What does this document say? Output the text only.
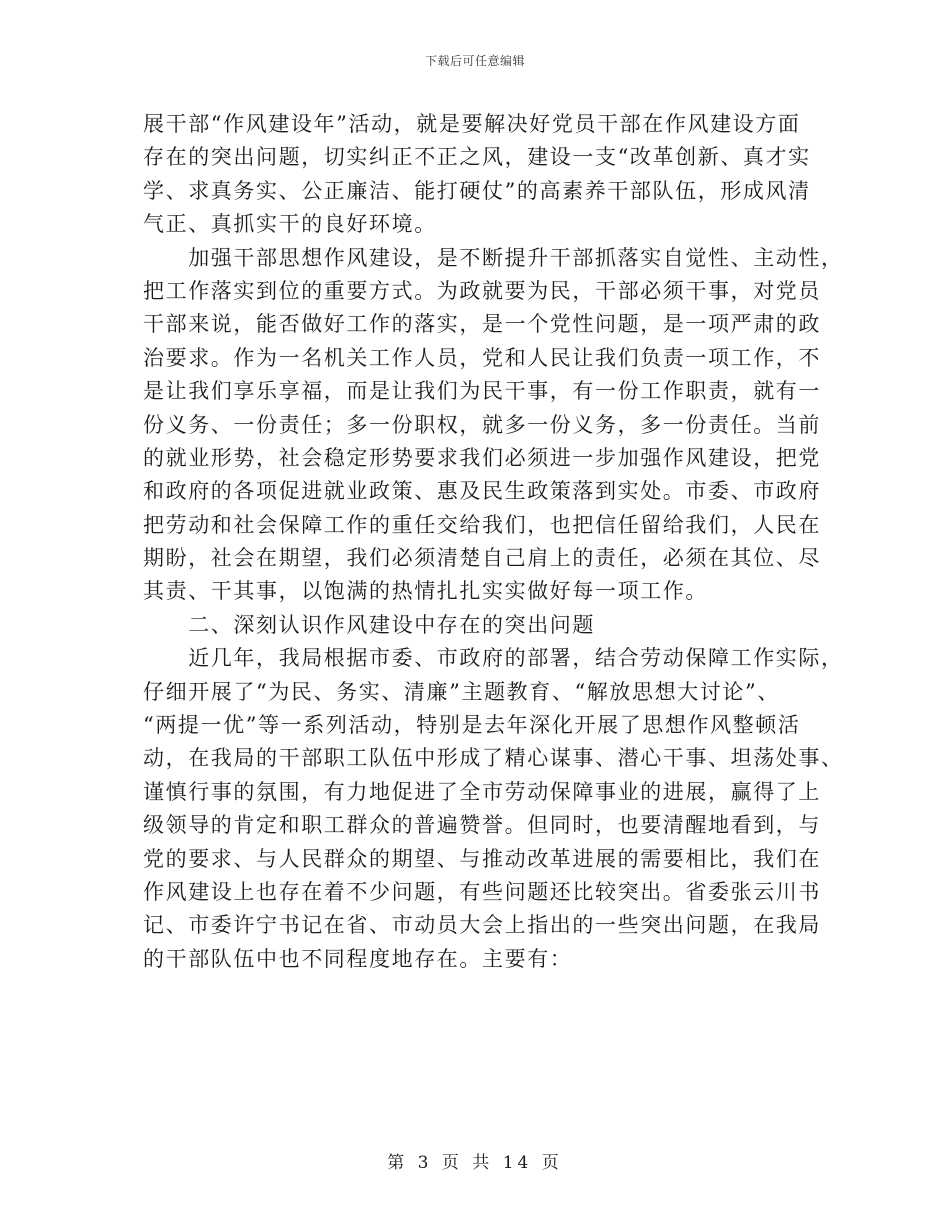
下载后可任意编辑
展干部“作风建设年”活动，就是要解决好党员干部在作风建设方面
存在的突出问题，切实纠正不正之风，建设一支“改革创新、真才实
学、求真务实、公正廉洁、能打硬仗”的高素养干部队伍，形成风清
气正、真抓实干的良好环境。
　　加强干部思想作风建设，是不断提升干部抓落实自觉性、主动性，
把工作落实到位的重要方式。为政就要为民，干部必须干事，对党员
干部来说，能否做好工作的落实，是一个党性问题，是一项严肃的政
治要求。作为一名机关工作人员，党和人民让我们负责一项工作，不
是让我们享乐享福，而是让我们为民干事，有一份工作职责，就有一
份义务、一份责任；多一份职权，就多一份义务，多一份责任。当前
的就业形势，社会稳定形势要求我们必须进一步加强作风建设，把党
和政府的各项促进就业政策、惠及民生政策落到实处。市委、市政府
把劳动和社会保障工作的重任交给我们，也把信任留给我们，人民在
期盼，社会在期望，我们必须清楚自己肩上的责任，必须在其位、尽
其责、干其事，以饱满的热情扎扎实实做好每一项工作。
　　二、深刻认识作风建设中存在的突出问题
　　近几年，我局根据市委、市政府的部署，结合劳动保障工作实际，
仔细开展了“为民、务实、清廉”主题教育、“解放思想大讨论”、
“两提一优”等一系列活动，特别是去年深化开展了思想作风整顿活
动，在我局的干部职工队伍中形成了精心谋事、潜心干事、坦荡处事、
谨慎行事的氛围，有力地促进了全市劳动保障事业的进展，赢得了上
级领导的肯定和职工群众的普遍赞誉。但同时，也要清醒地看到，与
党的要求、与人民群众的期望、与推动改革进展的需要相比，我们在
作风建设上也存在着不少问题，有些问题还比较突出。省委张云川书
记、市委许宁书记在省、市动员大会上指出的一些突出问题，在我局
的干部队伍中也不同程度地存在。主要有：
第 3 页 共 14 页
